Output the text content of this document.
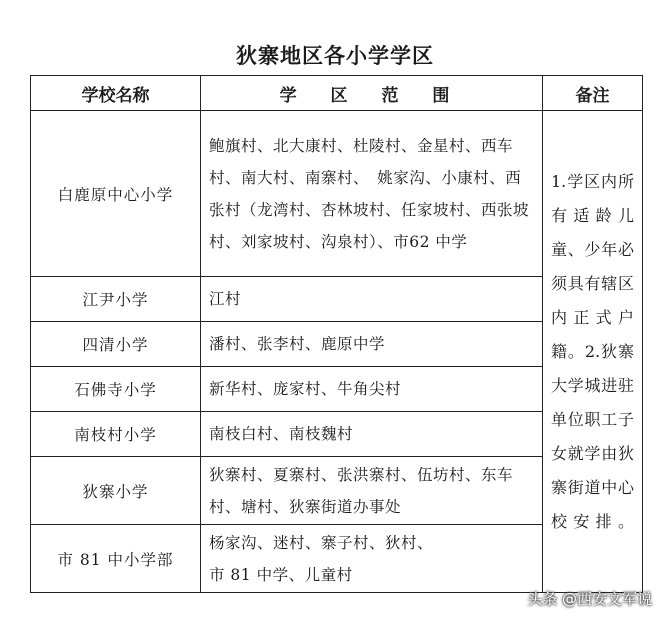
狄寨地区各小学学区
学校名称	学 区 范 围	备注
白鹿原中心小学	鲍旗村、北大康村、杜陵村、金星村、西车村、南大村、南寨村、　姚家沟、小康村、西张村（龙湾村、杏林坡村、任家坡村、西张坡村、刘家坡村、沟泉村）、市62 中学	1.学区内所有适龄儿童、少年必须具有辖区内正式户籍。2.狄寨大学城进驻单位职工子女就学由狄寨街道中心校安排。
江尹小学	江村	
四清小学	潘村、张李村、鹿原中学	
石佛寺小学	新华村、庞家村、牛角尖村	
南枝村小学	南枝白村、南枝魏村	
狄寨小学	狄寨村、夏寨村、张洪寨村、伍坊村、东车村、塘村、狄寨街道办事处	
市 81 中小学部	杨家沟、迷村、寨子村、狄村、
市 81 中学、儿童村	
头条 @西安文军说
